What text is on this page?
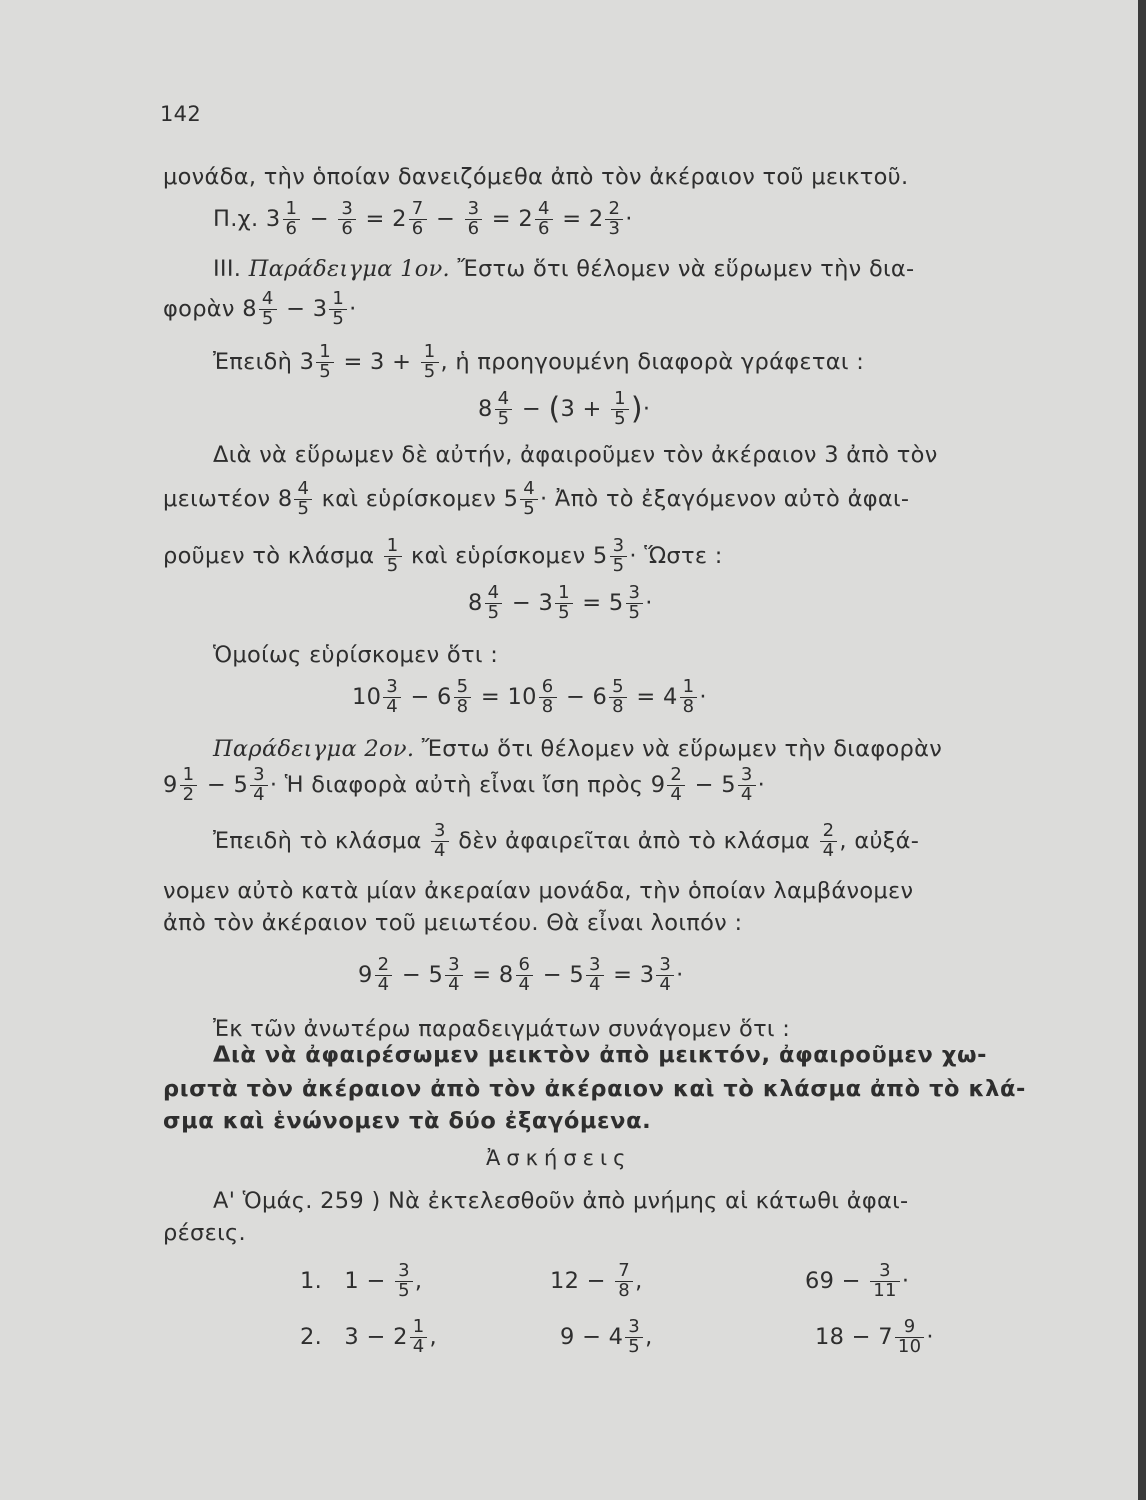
142
μονάδα, τὴν ὁποίαν δανειζόμεθα ἀπὸ τὸν ἀκέραιον τοῦ μεικτοῦ.
Π.χ. $3 \frac{1}{6} - \frac{3}{6} = 2 \frac{7}{6} - \frac{3}{6} = 2 \frac{4}{6} = 2 \frac{2}{3}$ ·
ΙΙΙ. Παράδειγμα 1ον. Ἔστω ὅτι θέλομεν νὰ εὕρωμεν τὴν δια-
φορὰν $8 \frac{4}{5} - 3 \frac{1}{5}$ ·
Ἐπειδὴ $3 \frac{1}{5} = 3 + \frac{1}{5}$ , ἡ προηγουμένη διαφορὰ γράφεται :
$8 \frac{4}{5} - (3 + \frac{1}{5}$ )·
Διὰ νὰ εὕρωμεν δὲ αὐτήν, ἀφαιροῦμεν τὸν ἀκέραιον 3 ἀπὸ τὸν
μειωτέον $8 \frac{4}{5}$ καὶ εὑρίσκομεν $5 \frac{4}{5}$ · Ἀπὸ τὸ ἐξαγόμενον αὐτὸ ἀφαι-
ροῦμεν τὸ κλάσμα $\frac{1}{5}$ καὶ εὑρίσκομεν $5 \frac{3}{5}$ · Ὥστε :
$8 \frac{4}{5} - 3 \frac{1}{5} = 5 \frac{3}{5}$ ·
Ὁμοίως εὑρίσκομεν ὅτι :
$10 \frac{3}{4} - 6 \frac{5}{8} = 10 \frac{6}{8} - 6 \frac{5}{8} = 4 \frac{1}{8}$ ·
Παράδειγμα 2ον. Ἔστω ὅτι θέλομεν νὰ εὕρωμεν τὴν διαφορὰν
$9 \frac{1}{2} - 5 \frac{3}{4}$ · Ἡ διαφορὰ αὐτὴ εἶναι ἴση πρὸς $9 \frac{2}{4} - 5 \frac{3}{4}$ ·
Ἐπειδὴ τὸ κλάσμα $\frac{3}{4}$ δὲν ἀφαιρεῖται ἀπὸ τὸ κλάσμα $\frac{2}{4}$ , αὐξά-
νομεν αὐτὸ κατὰ μίαν ἀκεραίαν μονάδα, τὴν ὁποίαν λαμβάνομεν
ἀπὸ τὸν ἀκέραιον τοῦ μειωτέου. Θὰ εἶναι λοιπόν :
$9 \frac{2}{4} - 5 \frac{3}{4} = 8 \frac{6}{4} - 5 \frac{3}{4} = 3 \frac{3}{4}$ ·
Ἐκ τῶν ἀνωτέρω παραδειγμάτων συνάγομεν ὅτι :
Διὰ νὰ ἀφαιρέσωμεν μεικτὸν ἀπὸ μεικτόν, ἀφαιροῦμεν χω-
ριστὰ τὸν ἀκέραιον ἀπὸ τὸν ἀκέραιον καὶ τὸ κλάσμα ἀπὸ τὸ κλά-
σμα καὶ ἑνώνομεν τὰ δύο ἐξαγόμενα.
Ἀσκήσεις
Α' Ὁμάς. 259 ) Νὰ ἐκτελεσθοῦν ἀπὸ μνήμης αἱ κάτωθι ἀφαι-
ρέσεις.
1.   $1 - \frac{3}{5}$ ,	$12 - \frac{7}{8}$ ,	$69 - \frac{3}{11}$ ·
2.   $3 - 2 \frac{1}{4}$ ,	$9 - 4 \frac{3}{5}$ ,	$18 - 7 \frac{9}{10}$ ·
